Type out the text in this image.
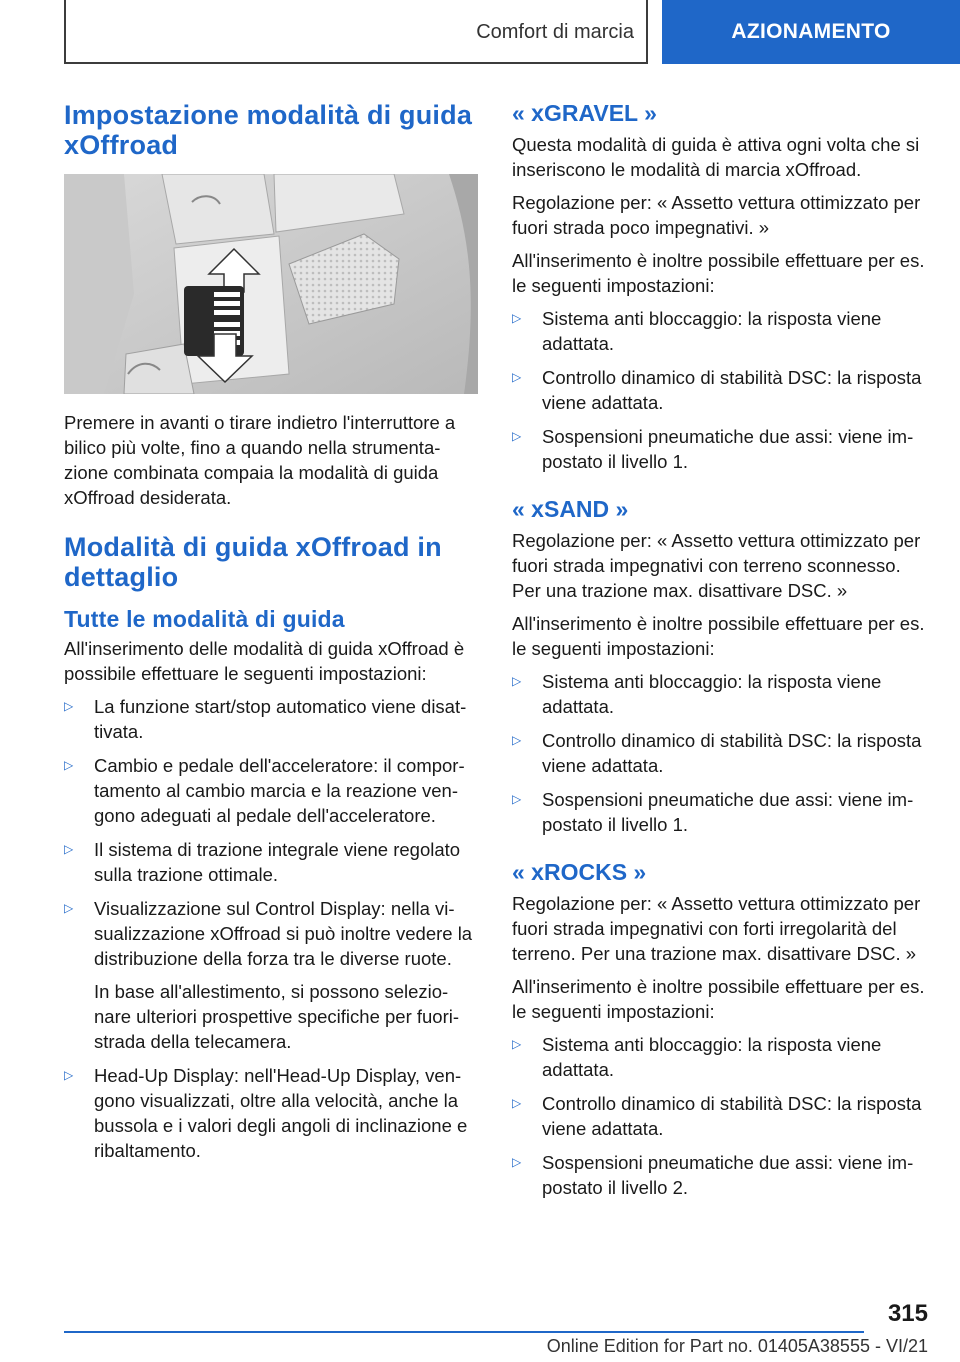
Comfort di marcia	AZIONAMENTO
Impostazione modalità di guida xOffroad

Premere in avanti o tirare indietro l'interruttore a bilico più volte, fino a quando nella strumentazione combinata compaia la modalità di guida xOffroad desiderata.

Modalità di guida xOffroad in dettaglio
Tutte le modalità di guida

All'inserimento delle modalità di guida xOffroad è possibile effettuare le seguenti impostazioni:

▷ La funzione start/stop automatico viene disattivata.
▷ Cambio e pedale dell'acceleratore: il comportamento al cambio marcia e la reazione vengono adeguati al pedale dell'acceleratore.
▷ Il sistema di trazione integrale viene regolato sulla trazione ottimale.
▷ Visualizzazione sul Control Display: nella visualizzazione xOffroad si può inoltre vedere la distribuzione della forza tra le diverse ruote.
In base all'allestimento, si possono selezionare ulteriori prospettive specifiche per fuoristrada della telecamera.
▷ Head-Up Display: nell'Head-Up Display, vengono visualizzati, oltre alla velocità, anche la bussola e i valori degli angoli di inclinazione e ribaltamento.
« xGRAVEL »

Questa modalità di guida è attiva ogni volta che si inseriscono le modalità di marcia xOffroad.

Regolazione per: « Assetto vettura ottimizzato per fuori strada poco impegnativi. »

All'inserimento è inoltre possibile effettuare per es. le seguenti impostazioni:

▷ Sistema anti bloccaggio: la risposta viene adattata.
▷ Controllo dinamico di stabilità DSC: la risposta viene adattata.
▷ Sospensioni pneumatiche due assi: viene impostato il livello 1.
« xSAND »

Regolazione per: « Assetto vettura ottimizzato per fuori strada impegnativi con terreno sconnesso. Per una trazione max. disattivare DSC. »

All'inserimento è inoltre possibile effettuare per es. le seguenti impostazioni:

▷ Sistema anti bloccaggio: la risposta viene adattata.
▷ Controllo dinamico di stabilità DSC: la risposta viene adattata.
▷ Sospensioni pneumatiche due assi: viene impostato il livello 1.
« xROCKS »

Regolazione per: « Assetto vettura ottimizzato per fuori strada impegnativi con forti irregolarità del terreno. Per una trazione max. disattivare DSC. »

All'inserimento è inoltre possibile effettuare per es. le seguenti impostazioni:

▷ Sistema anti bloccaggio: la risposta viene adattata.
▷ Controllo dinamico di stabilità DSC: la risposta viene adattata.
▷ Sospensioni pneumatiche due assi: viene impostato il livello 2.
315
Online Edition for Part no. 01405A38555 - VI/21
